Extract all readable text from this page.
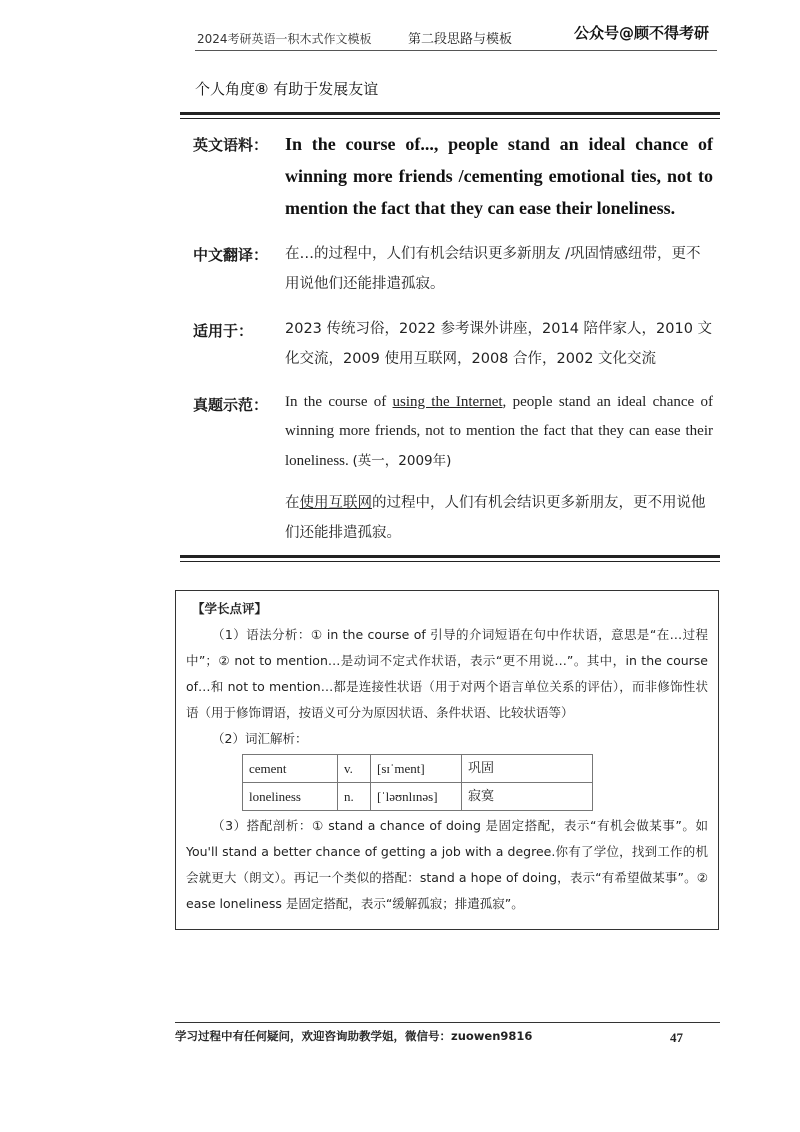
2024考研英语一积木式作文模板	第二段思路与模板	公众号@顾不得考研
个人角度⑧ 有助于发展友谊
英文语料： In the course of..., people stand an ideal chance of winning more friends /cementing emotional ties, not to mention the fact that they can ease their loneliness.
中文翻译： 在…的过程中，人们有机会结识更多新朋友 /巩固情感纽带，更不用说他们还能排遣孤寂。
适用于： 2023 传统习俗，2022 参考课外讲座，2014 陪伴家人，2010 文化交流，2009 使用互联网，2008 合作，2002 文化交流
真题示范： In the course of using the Internet, people stand an ideal chance of winning more friends, not to mention the fact that they can ease their loneliness. (英一，2009年)
在使用互联网的过程中，人们有机会结识更多新朋友，更不用说他们还能排遣孤寂。
【学长点评】
（1）语法分析：① in the course of 引导的介词短语在句中作状语，意思是“在…过程中”；② not to mention…是动词不定式作状语，表示“更不用说…”。其中，in the course of…和 not to mention…都是连接性状语（用于对两个语言单位关系的评估），而非修饰性状语（用于修饰谓语，按语义可分为原因状语、条件状语、比较状语等）
（2）词汇解析：
cement	v.	[sɪˈment]	巩固
loneliness	n.	[ˈləʊnlɪnəs]	寂寞
（3）搭配剖析：① stand a chance of doing 是固定搭配，表示“有机会做某事”。如 You'll stand a better chance of getting a job with a degree.你有了学位，找到工作的机会就更大（朗文）。再记一个类似的搭配：stand a hope of doing，表示“有希望做某事”。② ease loneliness 是固定搭配，表示“缓解孤寂；排遣孤寂”。
学习过程中有任何疑问，欢迎咨询助教学姐，微信号：zuowen9816	47
